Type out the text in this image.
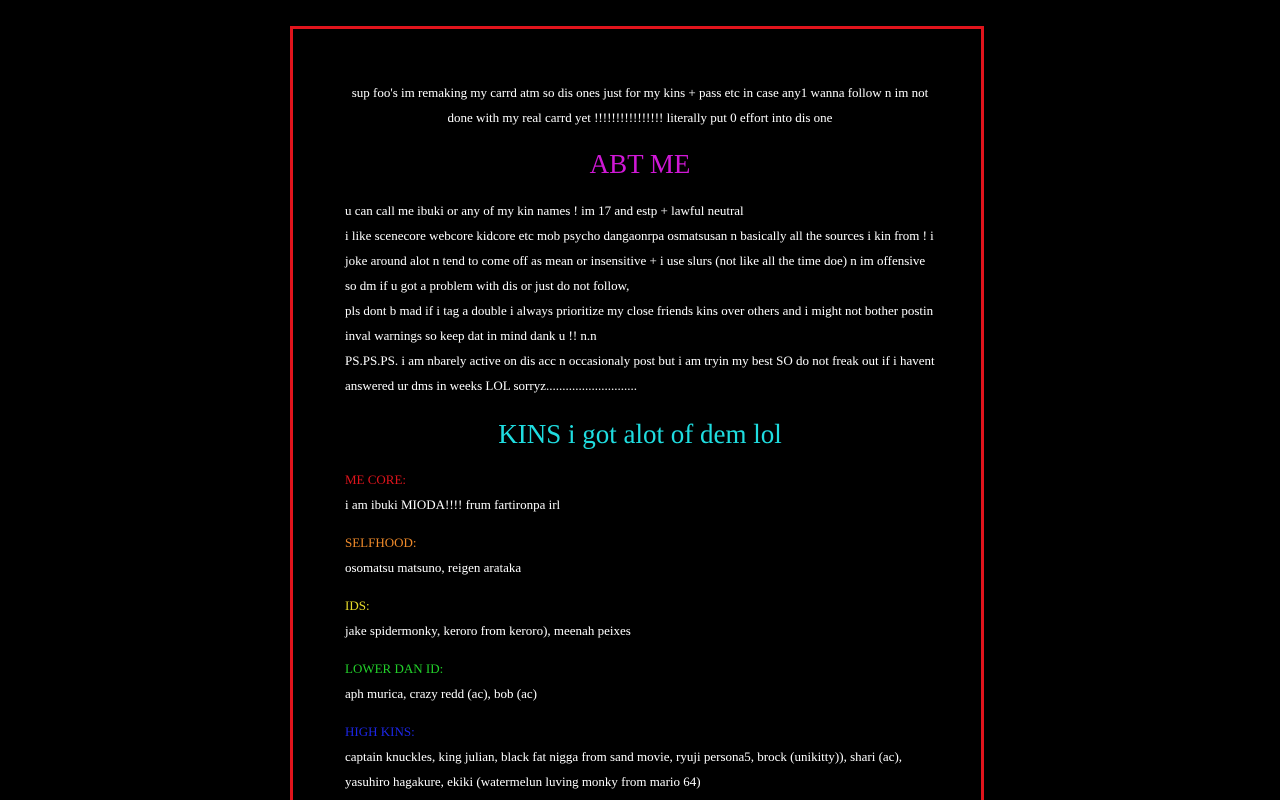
sup foo's im remaking my carrd atm so dis ones just for my kins + pass etc in case any1 wanna follow n im not done with my real carrd yet !!!!!!!!!!!!!!!! literally put 0 effort into dis one

ABT ME

u can call me ibuki or any of my kin names ! im 17 and estp + lawful neutral

i like scenecore webcore kidcore etc mob psycho dangaonrpa osmatsusan n basically all the sources i kin from ! i joke around alot n tend to come off as mean or insensitive + i use slurs (not like all the time doe) n im offensive so dm if u got a problem with dis or just do not follow,

pls dont b mad if i tag a double i always prioritize my close friends kins over others and i might not bother postin inval warnings so keep dat in mind dank u !! n.n

PS.PS.PS. i am nbarely active on dis acc n occasionaly post but i am tryin my best SO do not freak out if i havent answered ur dms in weeks LOL sorryz............................

KINS i got alot of dem lol

ME CORE:

i am ibuki MIODA!!!! frum fartironpa irl

SELFHOOD:

osomatsu matsuno, reigen arataka

IDS:

jake spidermonky, keroro from keroro), meenah peixes

LOWER DAN ID:

aph murica, crazy redd (ac), bob (ac)

HIGH KINS:

captain knuckles, king julian, black fat nigga from sand movie, ryuji persona5, brock (unikitty)), shari (ac), yasuhiro hagakure, ekiki (watermelun luving monky from mario 64)
